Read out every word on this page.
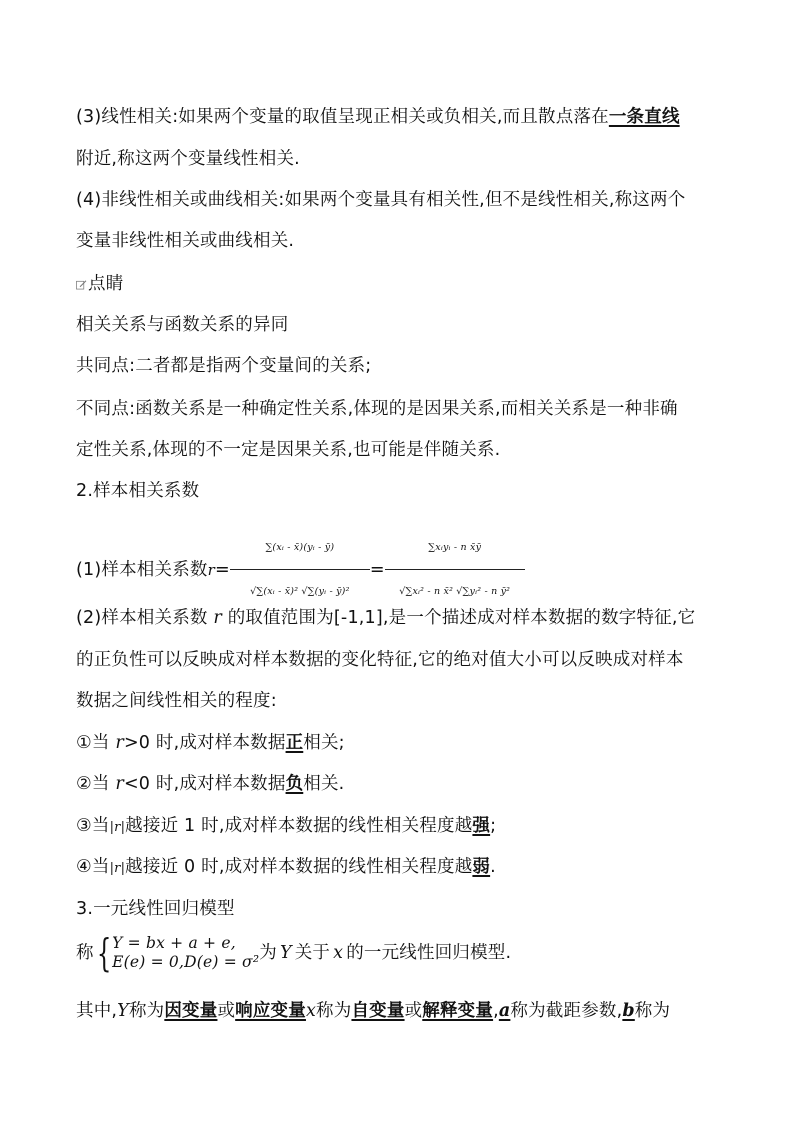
(3)线性相关:如果两个变量的取值呈现正相关或负相关,而且散点落在一条直线
附近,称这两个变量线性相关.
(4)非线性相关或曲线相关:如果两个变量具有相关性,但不是线性相关,称这两个
变量非线性相关或曲线相关.
点睛
相关关系与函数关系的异同
共同点:二者都是指两个变量间的关系;
不同点:函数关系是一种确定性关系,体现的是因果关系,而相关关系是一种非确
定性关系,体现的不一定是因果关系,也可能是伴随关系.
2.样本相关系数
(1)样本相关系数$r= \frac{\text{∑(xᵢ - x̄)(yᵢ - ȳ)}}{\text{√∑(xᵢ - x̄)² √∑(yᵢ - ȳ)²}} = \frac{\text{∑xᵢyᵢ - n x̄ȳ}}{\text{√∑xᵢ² - n x̄² √∑yᵢ² - n ȳ²}}$
(2)样本相关系数 r 的取值范围为[-1,1],是一个描述成对样本数据的数字特征,它
的正负性可以反映成对样本数据的变化特征,它的绝对值大小可以反映成对样本
数据之间线性相关的程度:
①当 r>0 时,成对样本数据正相关;
②当 r<0 时,成对样本数据负相关.
③当|r|越接近 1 时,成对样本数据的线性相关程度越强;
④当|r|越接近 0 时,成对样本数据的线性相关程度越弱.
3.一元线性回归模型
称{ Y = bx + a + e,
E(e) = 0,D(e) = σ² 为 Y 关于 x 的一元线性回归模型.
其中,Y称为因变量或响应变量x称为自变量或解释变量,a称为截距参数,b称为
